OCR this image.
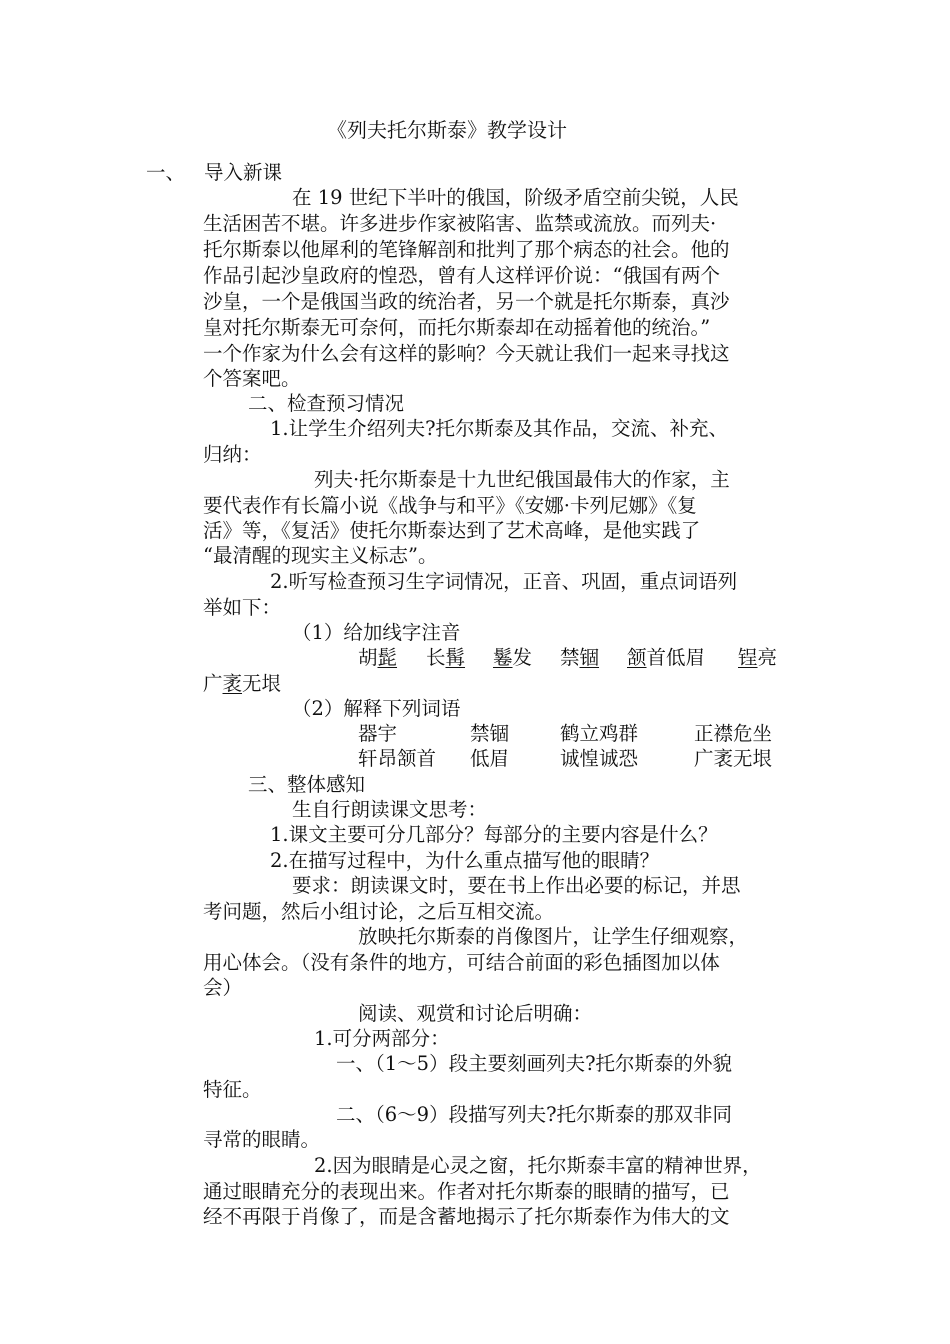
《列夫托尔斯泰》教学设计
一、 导入新课
在 19 世纪下半叶的俄国，阶级矛盾空前尖锐，人民
生活困苦不堪。许多进步作家被陷害、监禁或流放。而列夫·
托尔斯泰以他犀利的笔锋解剖和批判了那个病态的社会。他的
作品引起沙皇政府的惶恐，曾有人这样评价说：“俄国有两个
沙皇，一个是俄国当政的统治者，另一个就是托尔斯泰，真沙
皇对托尔斯泰无可奈何，而托尔斯泰却在动摇着他的统治。”
一个作家为什么会有这样的影响？今天就让我们一起来寻找这
个答案吧。
二、检查预习情况
1.让学生介绍列夫?托尔斯泰及其作品，交流、补充、
归纳：
列夫·托尔斯泰是十九世纪俄国最伟大的作家，主
要代表作有长篇小说《战争与和平》《安娜·卡列尼娜》《复
活》等，《复活》使托尔斯泰达到了艺术高峰，是他实践了
“最清醒的现实主义标志”。
2.听写检查预习生字词情况，正音、巩固，重点词语列
举如下：
（1）给加线字注音
胡髭 长髯 鬈发 禁锢 颔首低眉 锃亮
广袤无垠
（2）解释下列词语
器宇	禁锢	鹤立鸡群	正襟危坐
轩昂颔首 低眉	诚惶诚恐	广袤无垠
三、整体感知
生自行朗读课文思考：
1.课文主要可分几部分？每部分的主要内容是什么？
2.在描写过程中，为什么重点描写他的眼睛？
要求：朗读课文时，要在书上作出必要的标记，并思
考问题，然后小组讨论，之后互相交流。
放映托尔斯泰的肖像图片，让学生仔细观察，
用心体会。（没有条件的地方，可结合前面的彩色插图加以体
会）
阅读、观赏和讨论后明确：
1.可分两部分：
一、（1～5）段主要刻画列夫?托尔斯泰的外貌
特征。
二、（6～9）段描写列夫?托尔斯泰的那双非同
寻常的眼睛。
2.因为眼睛是心灵之窗，托尔斯泰丰富的精神世界，
通过眼睛充分的表现出来。作者对托尔斯泰的眼睛的描写，已
经不再限于肖像了，而是含蓄地揭示了托尔斯泰作为伟大的文
